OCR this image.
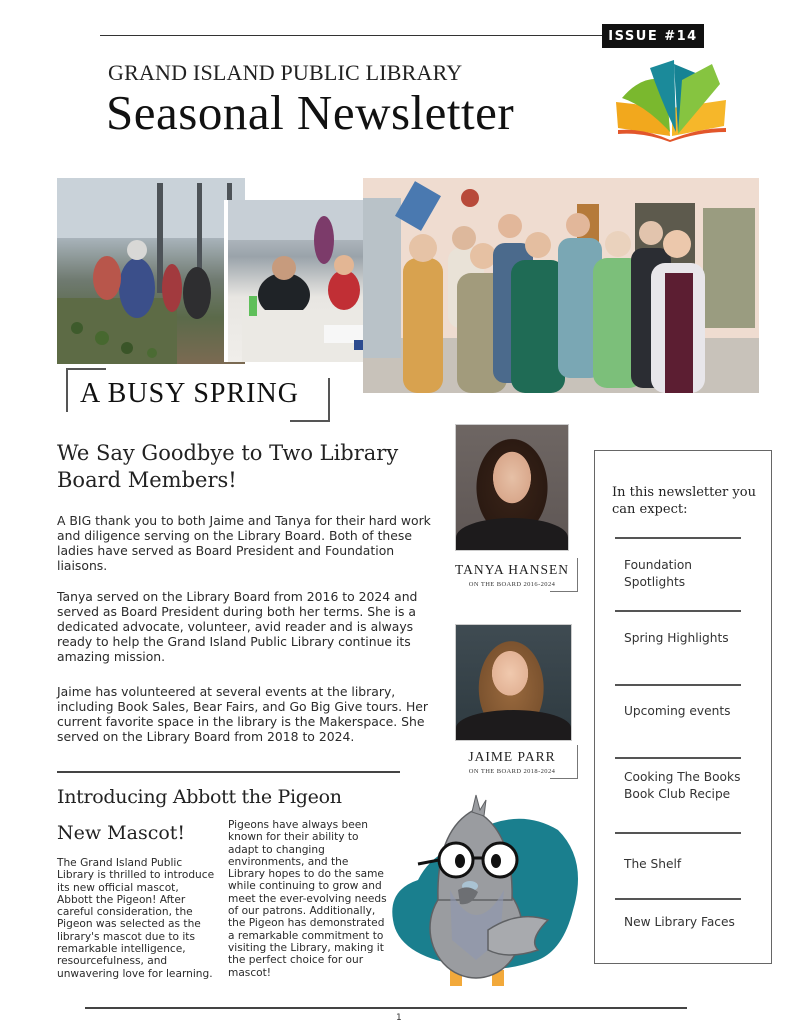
ISSUE #14
GRAND ISLAND PUBLIC LIBRARY
Seasonal Newsletter
A BUSY SPRING
We Say Goodbye to Two Library Board Members!
A BIG thank you to both Jaime and Tanya for their hard work and diligence serving on the Library Board. Both of these ladies have served as Board President and Foundation liaisons.
Tanya served on the Library Board from 2016 to 2024 and served as Board President during both her terms. She is a dedicated advocate, volunteer, avid reader and is always ready to help the Grand Island Public Library continue its amazing mission.
Jaime has volunteered at several events at the library, including Book Sales, Bear Fairs, and Go Big Give tours. Her current favorite space in the library is the Makerspace. She served on the Library Board from 2018 to 2024.
TANYA HANSEN
ON THE BOARD 2016-2024
JAIME PARR
ON THE BOARD 2018-2024
In this newsletter you can expect:
Foundation Spotlights
Spring Highlights
Upcoming events
Cooking The Books Book Club Recipe
The Shelf
New Library Faces
Introducing Abbott the Pigeon
New Mascot!
The Grand Island Public Library is thrilled to introduce its new official mascot, Abbott the Pigeon! After careful consideration, the Pigeon was selected as the library's mascot due to its remarkable intelligence, resourcefulness, and unwavering love for learning.
Pigeons have always been known for their ability to adapt to changing environments, and the Library hopes to do the same while continuing to grow and meet the ever-evolving needs of our patrons. Additionally, the Pigeon has demonstrated a remarkable commitment to visiting the Library, making it the perfect choice for our mascot!
1
